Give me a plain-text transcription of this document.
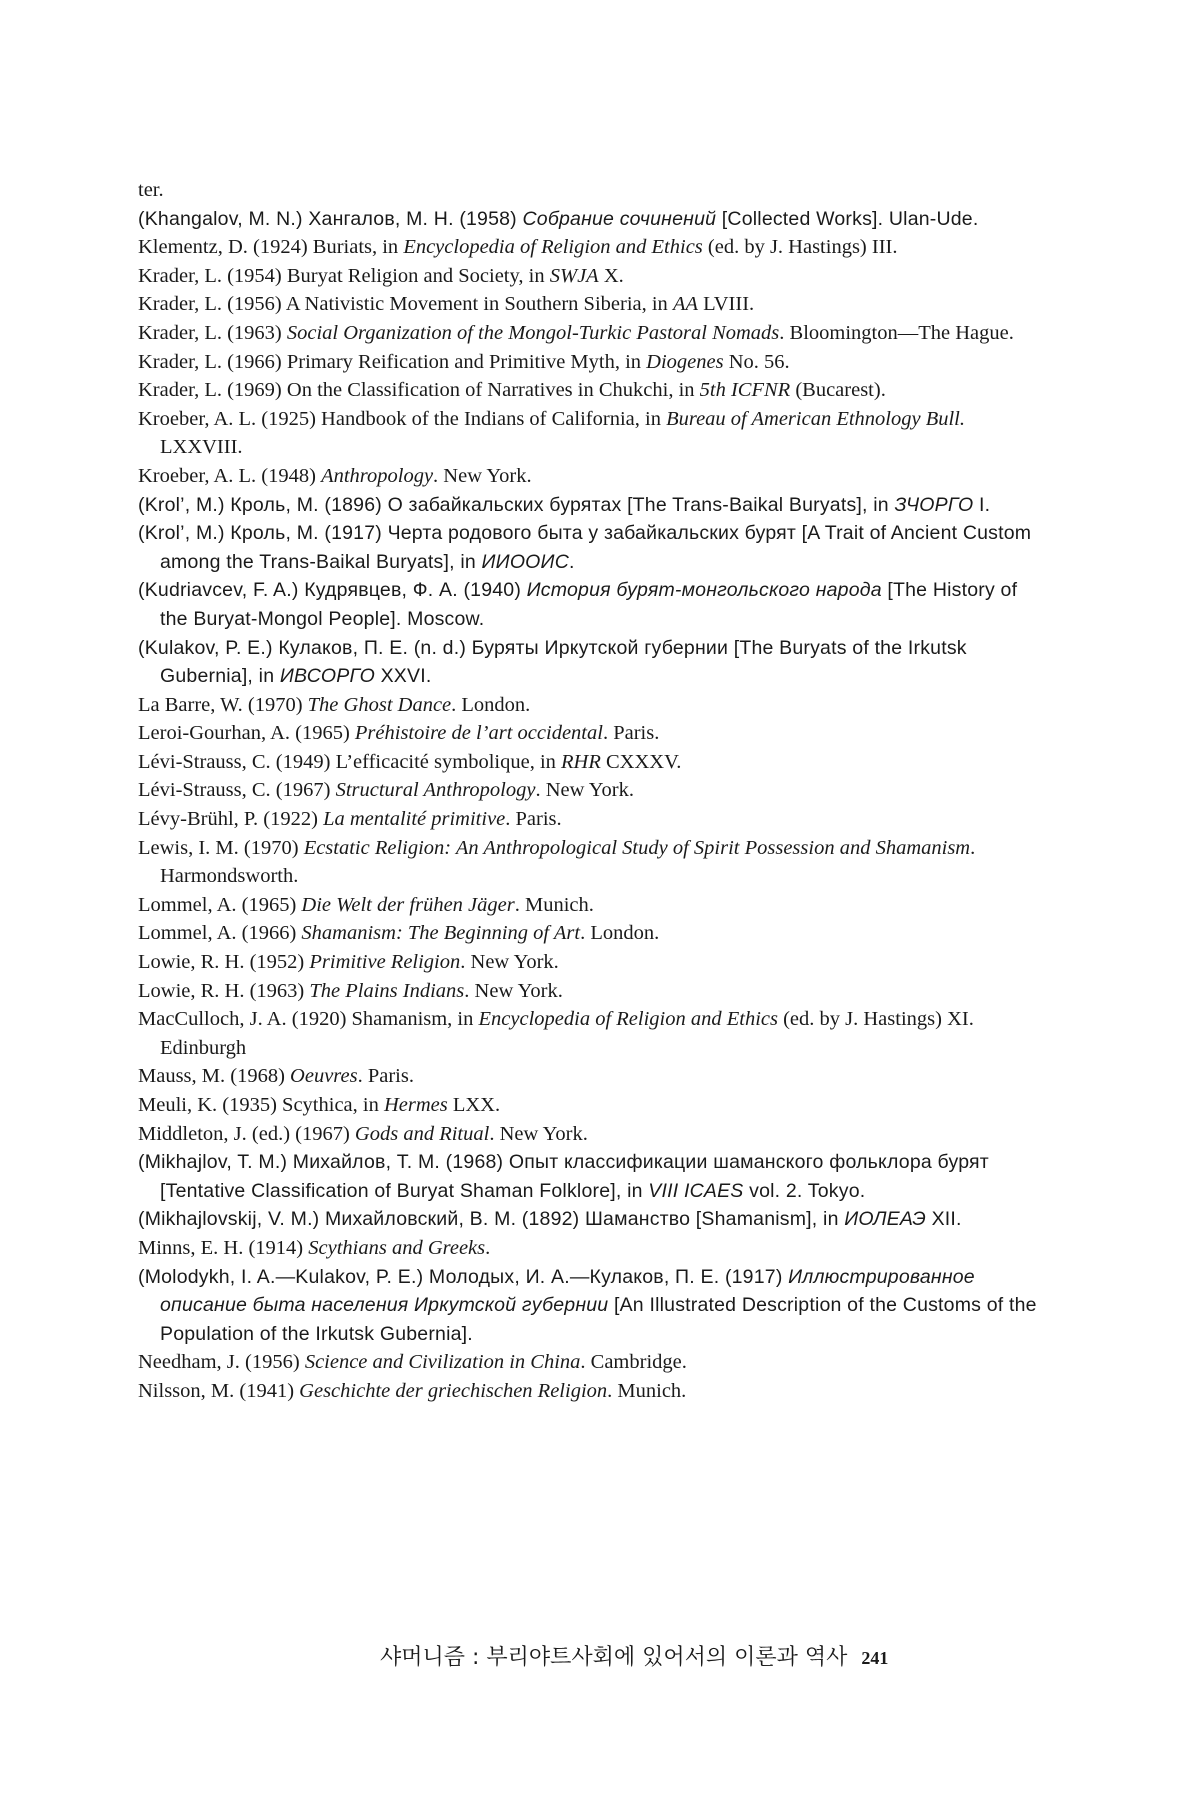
ter.

(Khangalov, M. N.) Хангалов, М. Н. (1958) Собрание сочинений [Collected Works]. Ulan-Ude.

Klementz, D. (1924) Buriats, in Encyclopedia of Religion and Ethics (ed. by J. Hastings) III.

Krader, L. (1954) Buryat Religion and Society, in SWJA X.

Krader, L. (1956) A Nativistic Movement in Southern Siberia, in AA LVIII.

Krader, L. (1963) Social Organization of the Mongol-Turkic Pastoral Nomads. Bloomington—The Hague.

Krader, L. (1966) Primary Reification and Primitive Myth, in Diogenes No. 56.

Krader, L. (1969) On the Classification of Narratives in Chukchi, in 5th ICFNR (Bucarest).

Kroeber, A. L. (1925) Handbook of the Indians of California, in Bureau of American Ethnology Bull. LXXVIII.

Kroeber, A. L. (1948) Anthropology. New York.

(Krol’, M.) Кроль, М. (1896) О забайкальских бурятах [The Trans-Baikal Buryats], in ЗЧОРГО I.

(Krol’, M.) Кроль, М. (1917) Черта родового быта у забайкальских бурят [A Trait of Ancient Custom among the Trans-Baikal Buryats], in ИИООИС.

(Kudriavcev, F. A.) Кудрявцев, Ф. А. (1940) История бурят-монгольского народа [The History of the Buryat-Mongol People]. Moscow.

(Kulakov, P. E.) Кулаков, П. Е. (n. d.) Буряты Иркутской губернии [The Buryats of the Irkutsk Gubernia], in ИВСОРГО XXVI.

La Barre, W. (1970) The Ghost Dance. London.

Leroi-Gourhan, A. (1965) Préhistoire de l’art occidental. Paris.

Lévi-Strauss, C. (1949) L’efficacité symbolique, in RHR CXXXV.

Lévi-Strauss, C. (1967) Structural Anthropology. New York.

Lévy-Brühl, P. (1922) La mentalité primitive. Paris.

Lewis, I. M. (1970) Ecstatic Religion: An Anthropological Study of Spirit Possession and Shamanism. Harmondsworth.

Lommel, A. (1965) Die Welt der frühen Jäger. Munich.

Lommel, A. (1966) Shamanism: The Beginning of Art. London.

Lowie, R. H. (1952) Primitive Religion. New York.

Lowie, R. H. (1963) The Plains Indians. New York.

MacCulloch, J. A. (1920) Shamanism, in Encyclopedia of Religion and Ethics (ed. by J. Hastings) XI. Edinburgh

Mauss, M. (1968) Oeuvres. Paris.

Meuli, K. (1935) Scythica, in Hermes LXX.

Middleton, J. (ed.) (1967) Gods and Ritual. New York.

(Mikhajlov, T. M.) Михайлов, Т. М. (1968) Опыт классификации шаманского фольклора бурят [Tentative Classification of Buryat Shaman Folklore], in VIII ICAES vol. 2. Tokyo.

(Mikhajlovskij, V. M.) Михайловский, В. М. (1892) Шаманство [Shamanism], in ИОЛЕАЭ XII.

Minns, E. H. (1914) Scythians and Greeks.

(Molodykh, I. A.—Kulakov, P. E.) Молодых, И. А.—Кулаков, П. Е. (1917) Иллюстрированное описание быта населения Иркутской губернии [An Illustrated Description of the Customs of the Population of the Irkutsk Gubernia].

Needham, J. (1956) Science and Civilization in China. Cambridge.

Nilsson, M. (1941) Geschichte der griechischen Religion. Munich.

샤머니즘 : 부리야트사회에 있어서의 이론과 역사 241
